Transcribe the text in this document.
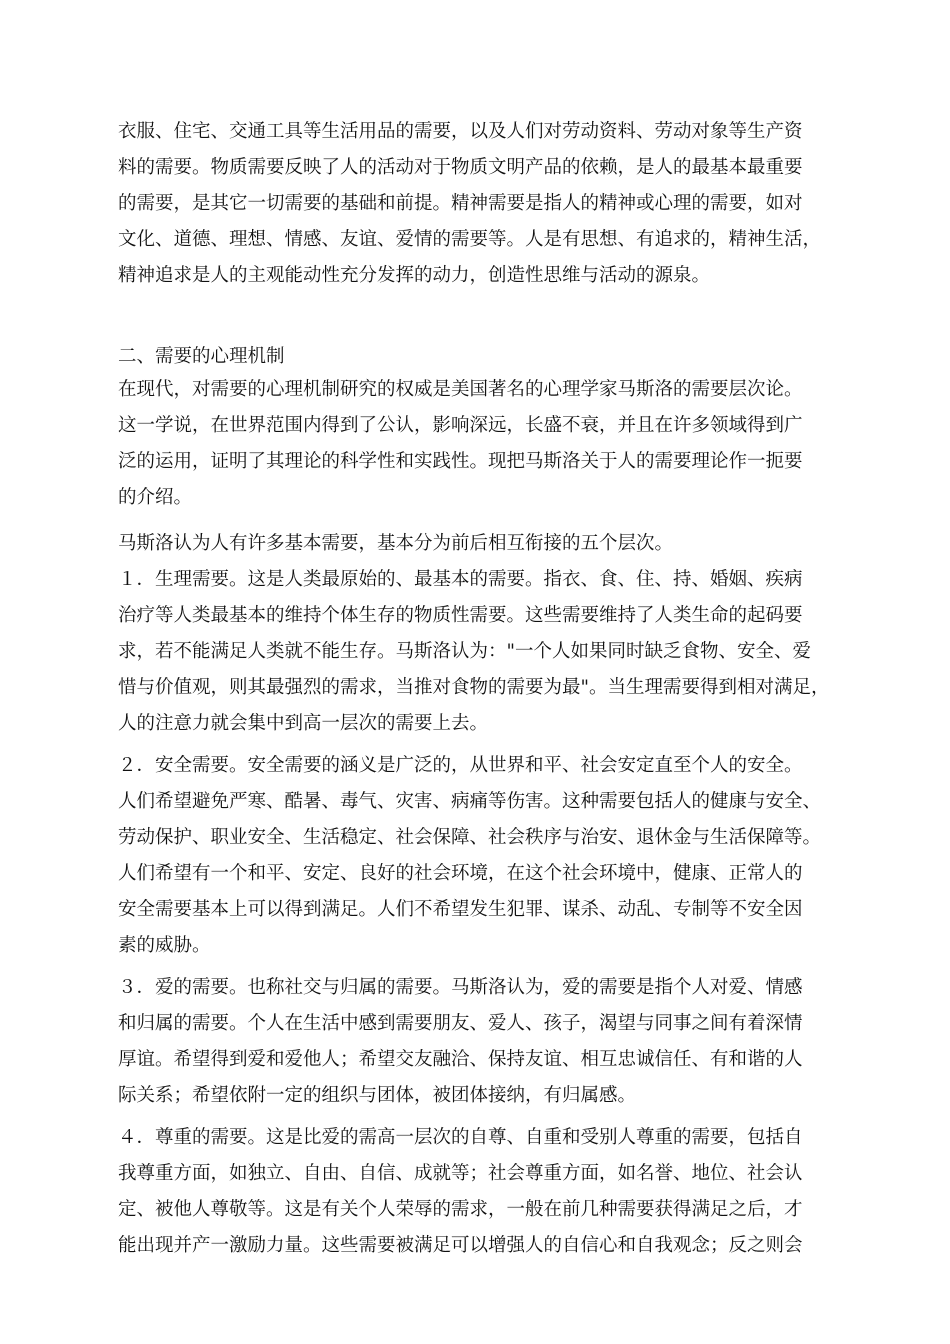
衣服、住宅、交通工具等生活用品的需要，以及人们对劳动资料、劳动对象等生产资
料的需要。物质需要反映了人的活动对于物质文明产品的依赖，是人的最基本最重要
的需要，是其它一切需要的基础和前提。精神需要是指人的精神或心理的需要，如对
文化、道德、理想、情感、友谊、爱情的需要等。人是有思想、有追求的，精神生活，
精神追求是人的主观能动性充分发挥的动力，创造性思维与活动的源泉。
二、需要的心理机制
在现代，对需要的心理机制研究的权威是美国著名的心理学家马斯洛的需要层次论。
这一学说，在世界范围内得到了公认，影响深远，长盛不衰，并且在许多领域得到广
泛的运用，证明了其理论的科学性和实践性。现把马斯洛关于人的需要理论作一扼要
的介绍。
马斯洛认为人有许多基本需要，基本分为前后相互衔接的五个层次。
１．生理需要。这是人类最原始的、最基本的需要。指衣、食、住、持、婚姻、疾病
治疗等人类最基本的维持个体生存的物质性需要。这些需要维持了人类生命的起码要
求，若不能满足人类就不能生存。马斯洛认为："一个人如果同时缺乏食物、安全、爱
惜与价值观，则其最强烈的需求，当推对食物的需要为最"。当生理需要得到相对满足，
人的注意力就会集中到高一层次的需要上去。
２．安全需要。安全需要的涵义是广泛的，从世界和平、社会安定直至个人的安全。
人们希望避免严寒、酷暑、毒气、灾害、病痛等伤害。这种需要包括人的健康与安全、
劳动保护、职业安全、生活稳定、社会保障、社会秩序与治安、退休金与生活保障等。
人们希望有一个和平、安定、良好的社会环境，在这个社会环境中，健康、正常人的
安全需要基本上可以得到满足。人们不希望发生犯罪、谋杀、动乱、专制等不安全因
素的威胁。
３．爱的需要。也称社交与归属的需要。马斯洛认为，爱的需要是指个人对爱、情感
和归属的需要。个人在生活中感到需要朋友、爱人、孩子，渴望与同事之间有着深情
厚谊。希望得到爱和爱他人；希望交友融洽、保持友谊、相互忠诚信任、有和谐的人
际关系；希望依附一定的组织与团体，被团体接纳，有归属感。
４．尊重的需要。这是比爱的需高一层次的自尊、自重和受别人尊重的需要，包括自
我尊重方面，如独立、自由、自信、成就等；社会尊重方面，如名誉、地位、社会认
定、被他人尊敬等。这是有关个人荣辱的需求，一般在前几种需要获得满足之后，才
能出现并产一激励力量。这些需要被满足可以增强人的自信心和自我观念；反之则会
